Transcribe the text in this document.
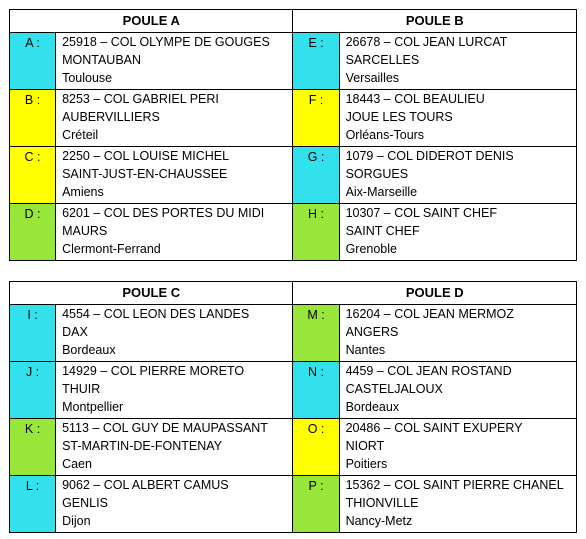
POULE A		POULE B	
A :	25918 – COL OLYMPE DE GOUGES
MONTAUBAN
Toulouse	E :	26678 – COL JEAN LURCAT
SARCELLES
Versailles

B :	8253 – COL GABRIEL PERI
AUBERVILLIERS
Créteil	F :	18443 – COL BEAULIEU
JOUE LES TOURS
Orléans-Tours

C :	2250 – COL LOUISE MICHEL
SAINT-JUST-EN-CHAUSSEE
Amiens	G :	1079 – COL DIDEROT DENIS
SORGUES
Aix-Marseille

D :	6201 – COL DES PORTES DU MIDI
MAURS
Clermont-Ferrand	H :	10307 – COL SAINT CHEF
SAINT CHEF
Grenoble
POULE C		POULE D	
I :	4554 – COL LEON DES LANDES
DAX
Bordeaux	M :	16204 – COL JEAN MERMOZ
ANGERS
Nantes

J :	14929 – COL PIERRE MORETO
THUIR
Montpellier	N :	4459 – COL JEAN ROSTAND
CASTELJALOUX
Bordeaux

K :	5113 – COL GUY DE MAUPASSANT
ST-MARTIN-DE-FONTENAY
Caen	O :	20486 – COL SAINT EXUPERY
NIORT
Poitiers

L :	9062 – COL ALBERT CAMUS
GENLIS
Dijon	P :	15362 – COL SAINT PIERRE CHANEL
THIONVILLE
Nancy-Metz
